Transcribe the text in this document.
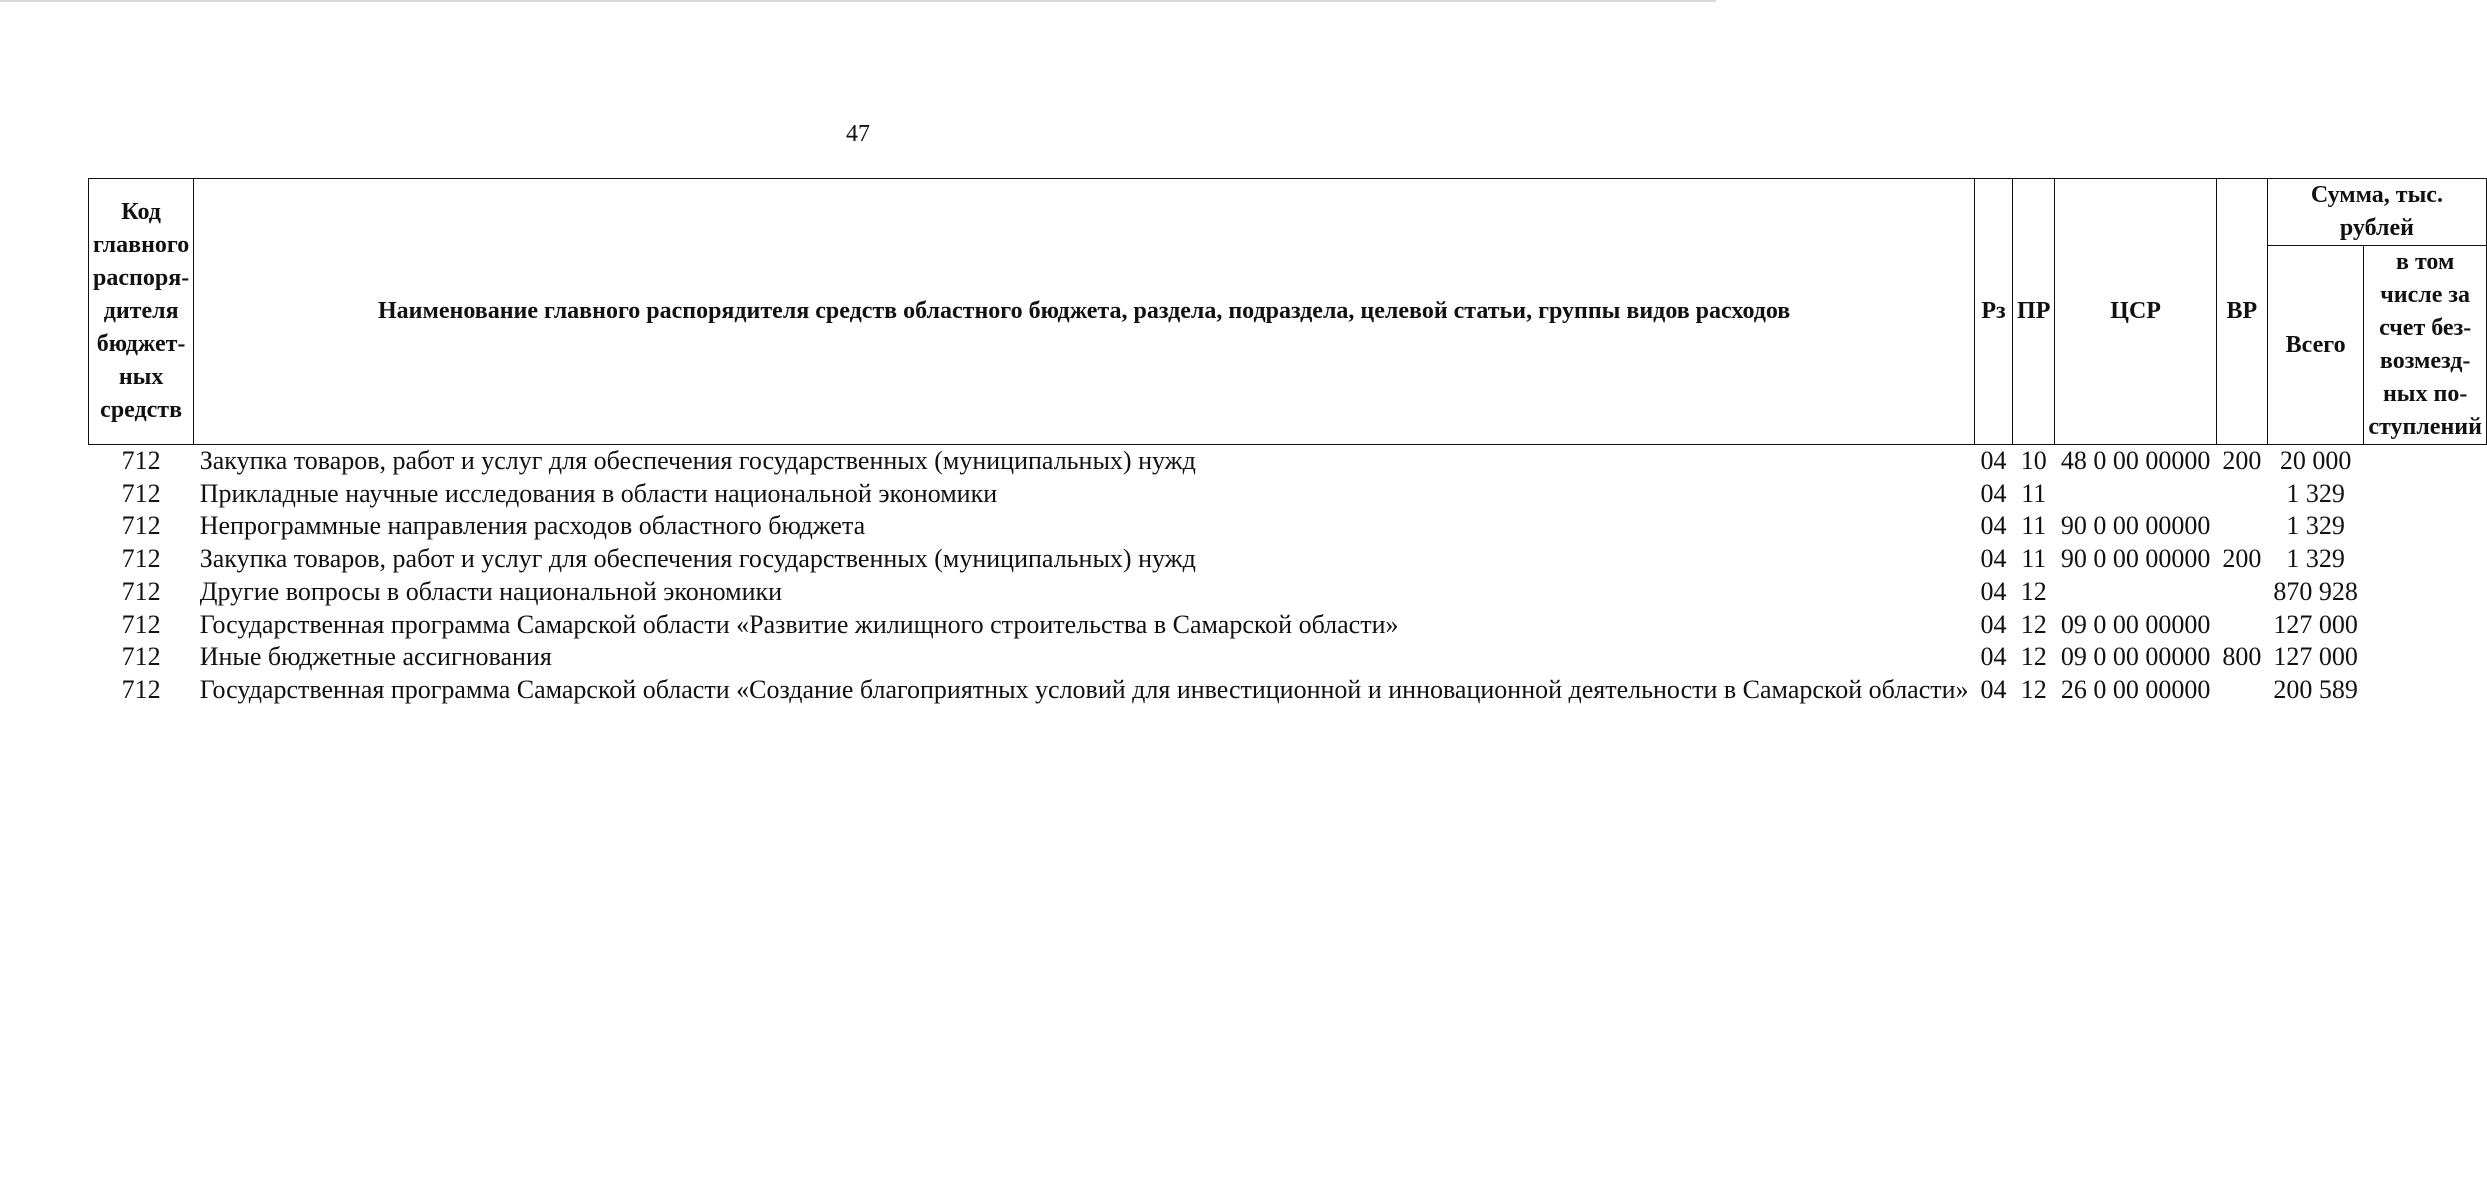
47
Код главного распоря-дителя бюджет-ных средств	Наименование главного распорядителя средств областного бюджета, раздела, подраздела, целевой статьи, группы видов расходов	Рз	ПР	ЦСР	ВР	Сумма, тыс. рублей	
						Всего	в том числе за счет без-возмезд-ных по-ступлений
712	Закупка товаров, работ и услуг для обеспечения государственных (муниципальных) нужд	04	10	48 0 00 00000	200	20 000	
712	Прикладные научные исследования в области национальной экономики	04	11			1 329	
712	Непрограммные направления расходов областного бюджета	04	11	90 0 00 00000		1 329	
712	Закупка товаров, работ и услуг для обеспечения государственных (муниципальных) нужд	04	11	90 0 00 00000	200	1 329	
712	Другие вопросы в области национальной экономики	04	12			870 928	
712	Государственная программа Самарской области «Развитие жилищного строительства в Самарской области»	04	12	09 0 00 00000		127 000	
712	Иные бюджетные ассигнования	04	12	09 0 00 00000	800	127 000	
712	Государственная программа Самарской области «Создание благоприятных условий для инвестиционной и инновационной деятельности в Самарской области»	04	12	26 0 00 00000		200 589	
